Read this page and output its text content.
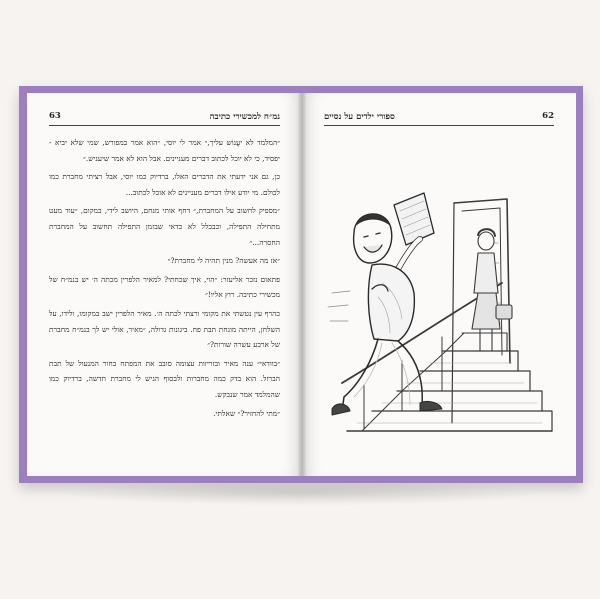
63	נמ״ח למכשירי כתיבה

״המלמד לא יעֲנוֹש עליך,״ אמר לי יוסי, ״הוא אמר במפורש, שמי שלא יביא - יפסיד, כי לא יוכל לכתוב דברים מעניינים. אבל הוא לא אמר שיעניש.״

כן, גם אני ידעתי את הדברים האלו, ברדיוק כמו יוסי, אבל רציתי מחברת כמו לכולם. מי יודע אילו דברים מעניינים לא אוכל לכתוב...

״מספיק לחשוב על המחברת,״ דחף אותי מנחם, היושב לידי, במקום, ״עוד מעט מתחילה התפילה, וכבכלל לא כדאי שבזמן התפילה תחשוב על המחברת החסרה...״

״אז מה אעשה? מנין תהיה לי מחברת?״

פתאום נזכר אליעזר: ״הוי, איך שכחתי? למאיר הלפרין מכתה ה׳ יש בנמ״ח של מכשירי כתיבה. רוץ אליו!״

כהרף עין נטשתי את מקומי ורצתי לכתה ה׳. מאיר הלפרין ישב במקומו, ולידו, על השלחן, הייתה מונחת תבת פח. ביגונות גדולה, ״מאיר, אולי יש לך בנמ״ח מחברת של ארבע עשרה שורות?״

״בוודאי״ ענה מאיר ובזריזות עצומה סובב את המפתח בחור המנעול של תבת הברזל. הוא בדק כמה מחברות ולבסוף הגיש לי מחברת חדשה, ברדיוק כמו שהמלמד אמר שנבקש.

״מתי להחזיר?״ שאלתי.

62
ספורי ילדים על נסיים
